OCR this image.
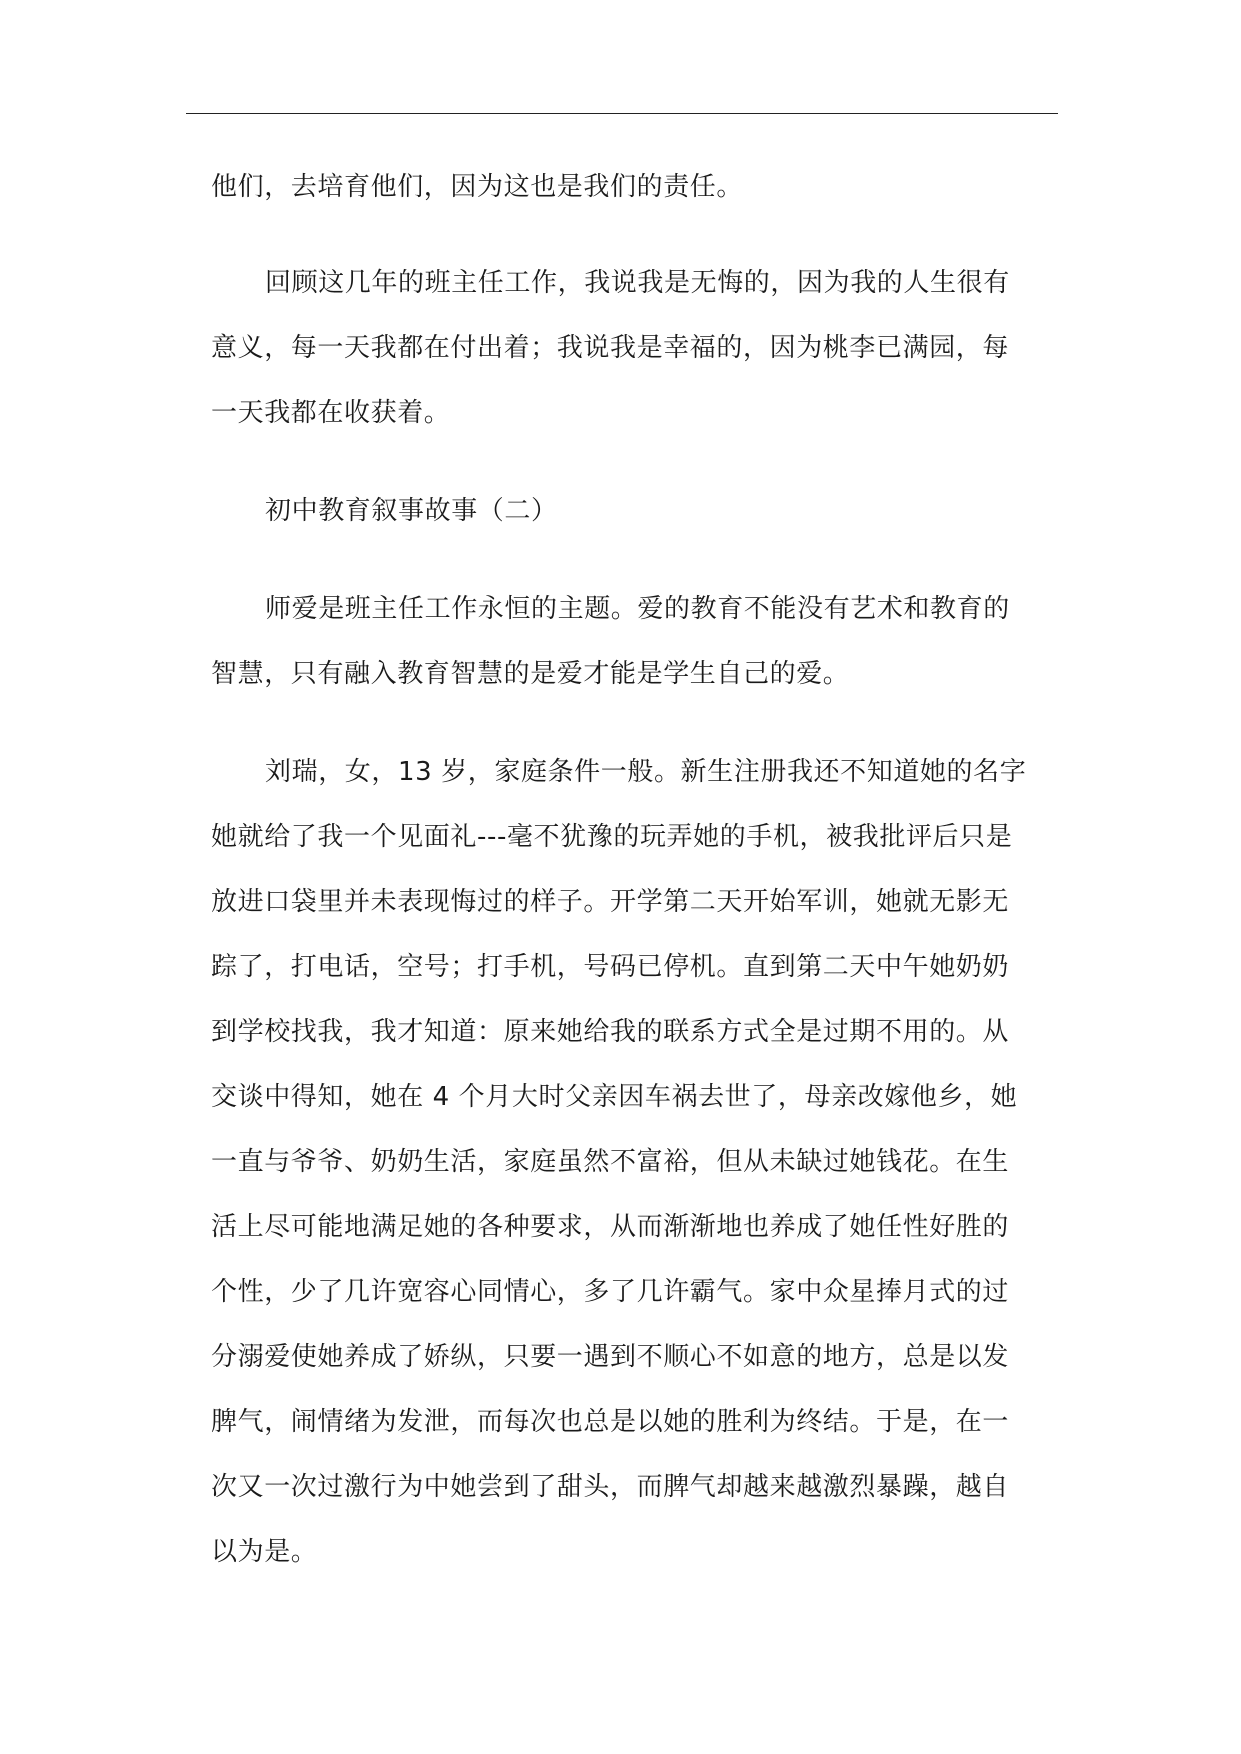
他们，去培育他们，因为这也是我们的责任。
回顾这几年的班主任工作，我说我是无悔的，因为我的人生很有
意义，每一天我都在付出着；我说我是幸福的，因为桃李已满园，每
一天我都在收获着。
初中教育叙事故事（二）
师爱是班主任工作永恒的主题。爱的教育不能没有艺术和教育的
智慧，只有融入教育智慧的是爱才能是学生自己的爱。
刘瑞，女，13 岁，家庭条件一般。新生注册我还不知道她的名字
她就给了我一个见面礼---毫不犹豫的玩弄她的手机，被我批评后只是
放进口袋里并未表现悔过的样子。开学第二天开始军训，她就无影无
踪了，打电话，空号；打手机，号码已停机。直到第二天中午她奶奶
到学校找我，我才知道：原来她给我的联系方式全是过期不用的。从
交谈中得知，她在 4 个月大时父亲因车祸去世了，母亲改嫁他乡，她
一直与爷爷、奶奶生活，家庭虽然不富裕，但从未缺过她钱花。在生
活上尽可能地满足她的各种要求，从而渐渐地也养成了她任性好胜的
个性，少了几许宽容心同情心，多了几许霸气。家中众星捧月式的过
分溺爱使她养成了娇纵，只要一遇到不顺心不如意的地方，总是以发
脾气，闹情绪为发泄，而每次也总是以她的胜利为终结。于是，在一
次又一次过激行为中她尝到了甜头，而脾气却越来越激烈暴躁，越自
以为是。
